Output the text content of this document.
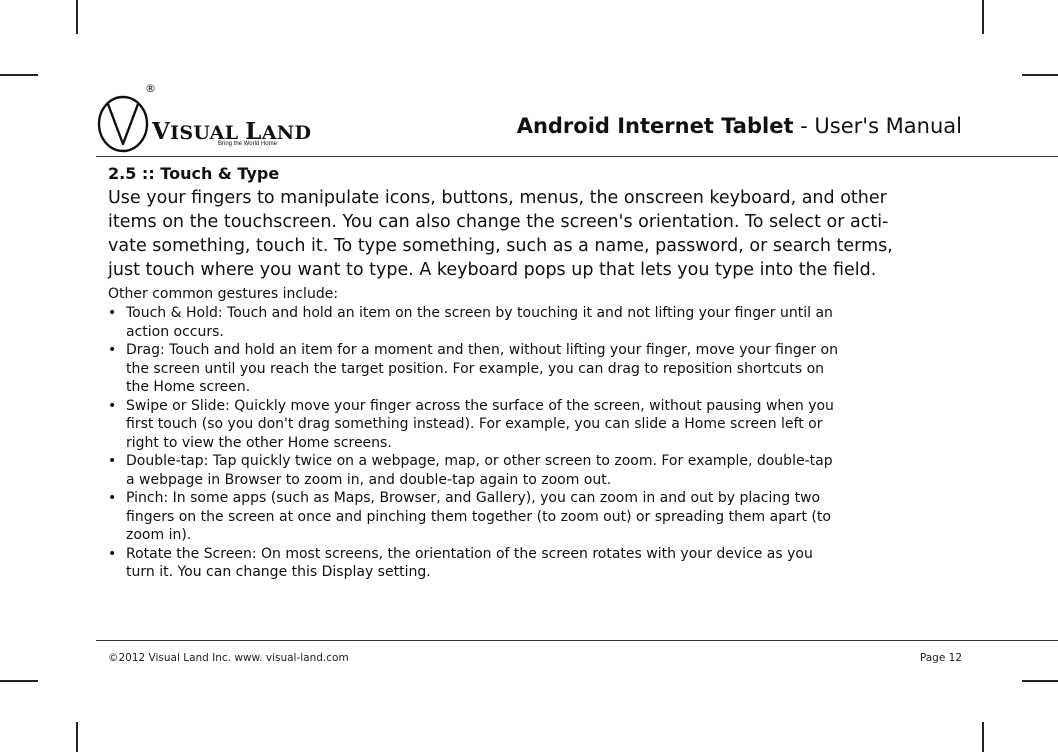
®
VISUAL LAND
Bring the World Home
Android Internet Tablet - User's Manual
2.5 :: Touch & Type
Use your fingers to manipulate icons, buttons, menus, the onscreen keyboard, and other
items on the touchscreen. You can also change the screen's orientation. To select or acti-
vate something, touch it. To type something, such as a name, password, or search terms,
just touch where you want to type. A keyboard pops up that lets you type into the field.
Other common gestures include:
• Touch & Hold: Touch and hold an item on the screen by touching it and not lifting your finger until an
action occurs.
• Drag: Touch and hold an item for a moment and then, without lifting your finger, move your finger on
the screen until you reach the target position. For example, you can drag to reposition shortcuts on
the Home screen.
• Swipe or Slide: Quickly move your finger across the surface of the screen, without pausing when you
first touch (so you don't drag something instead). For example, you can slide a Home screen left or
right to view the other Home screens.
• Double-tap: Tap quickly twice on a webpage, map, or other screen to zoom. For example, double-tap
a webpage in Browser to zoom in, and double-tap again to zoom out.
• Pinch: In some apps (such as Maps, Browser, and Gallery), you can zoom in and out by placing two
fingers on the screen at once and pinching them together (to zoom out) or spreading them apart (to
zoom in).
• Rotate the Screen: On most screens, the orientation of the screen rotates with your device as you
turn it. You can change this Display setting.
©2012 Visual Land Inc. www. visual-land.com	Page 12
